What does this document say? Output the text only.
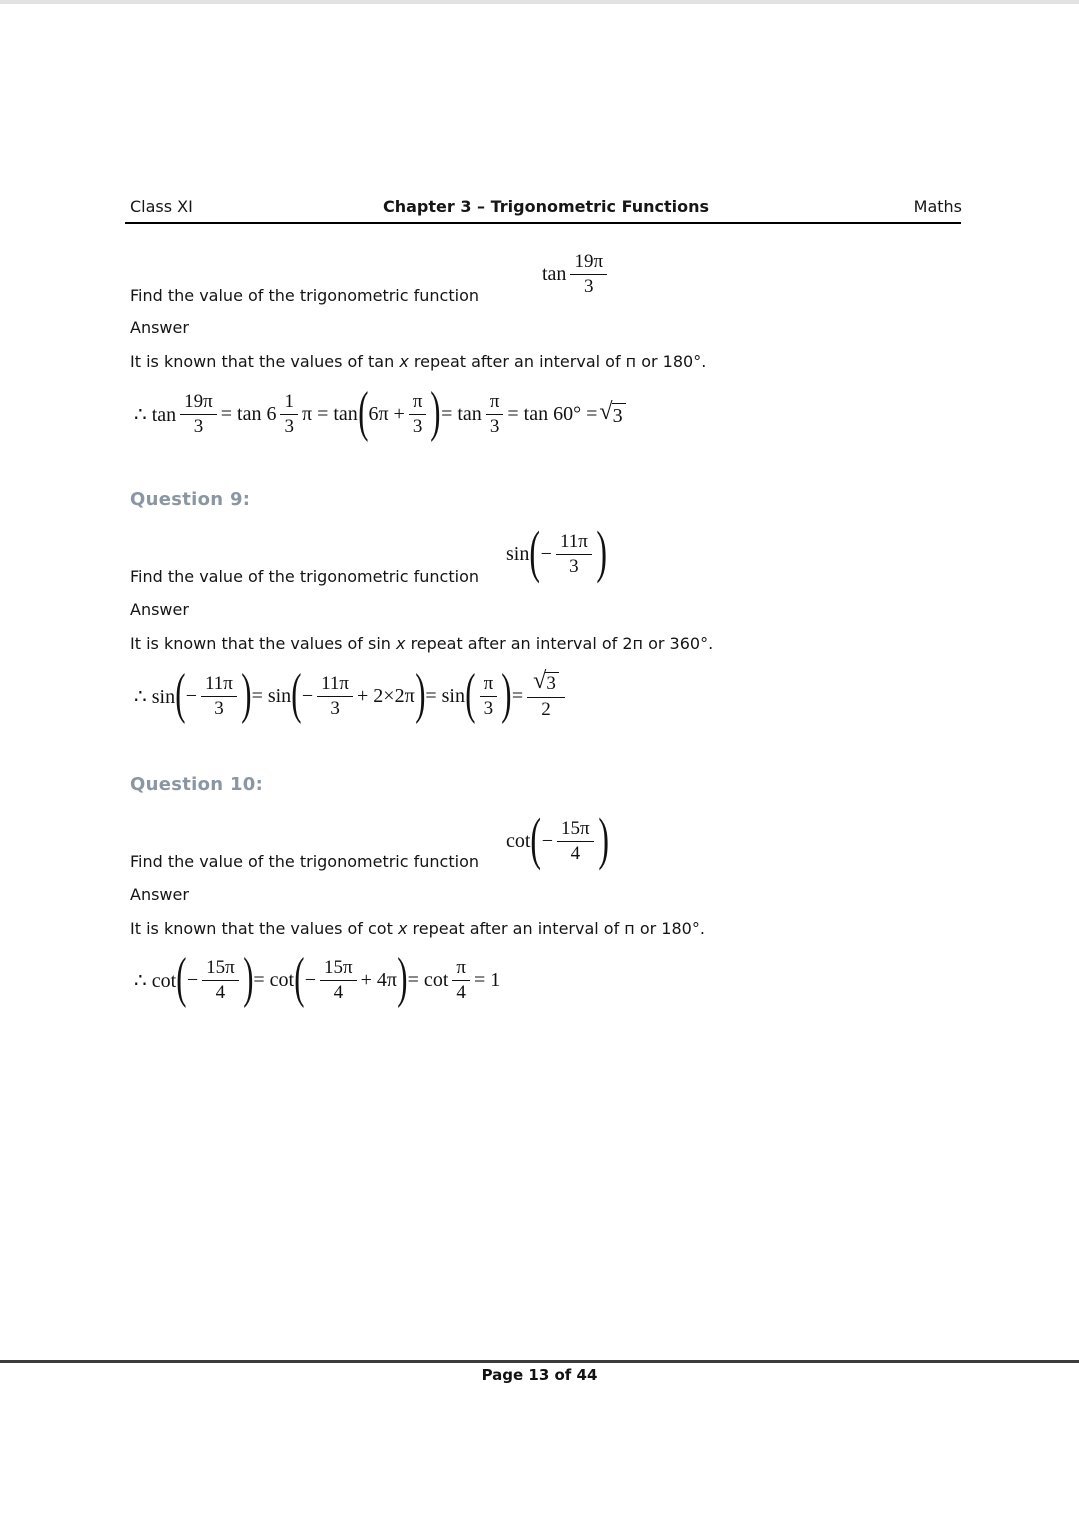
Class XI	Chapter 3 – Trigonometric Functions	Maths
$\tan \frac{19\pi}{3}$
Find the value of the trigonometric function
Answer
It is known that the values of tan x repeat after an interval of п or 180°.
∴ $\tan \frac{19\pi}{3} = \tan 6 \frac{1}{3}$ π = tan ( $6\pi + \frac{\pi}{3}$ ) = $\tan \frac{\pi}{3} = \tan 60^\circ$ = √ 3
Question 9:
sin ( − $\frac{11\pi}{3}$ )
Find the value of the trigonometric function
Answer
It is known that the values of sin x repeat after an interval of 2п or 360°.
∴ sin ( − $\frac{11\pi}{3}$ ) = sin ( − $\frac{11\pi}{3} + 2\times 2\pi$ ) = sin ( $\frac{\pi}{3}$ ) = $\frac{√ 3}{2}$
Question 10:
cot ( − $\frac{15\pi}{4}$ )
Find the value of the trigonometric function
Answer
It is known that the values of cot x repeat after an interval of п or 180°.
∴ cot ( − $\frac{15\pi}{4}$ ) = cot ( − $\frac{15\pi}{4} + 4\pi$ ) = $\cot \frac{\pi}{4} = 1$
Page 13 of 44
